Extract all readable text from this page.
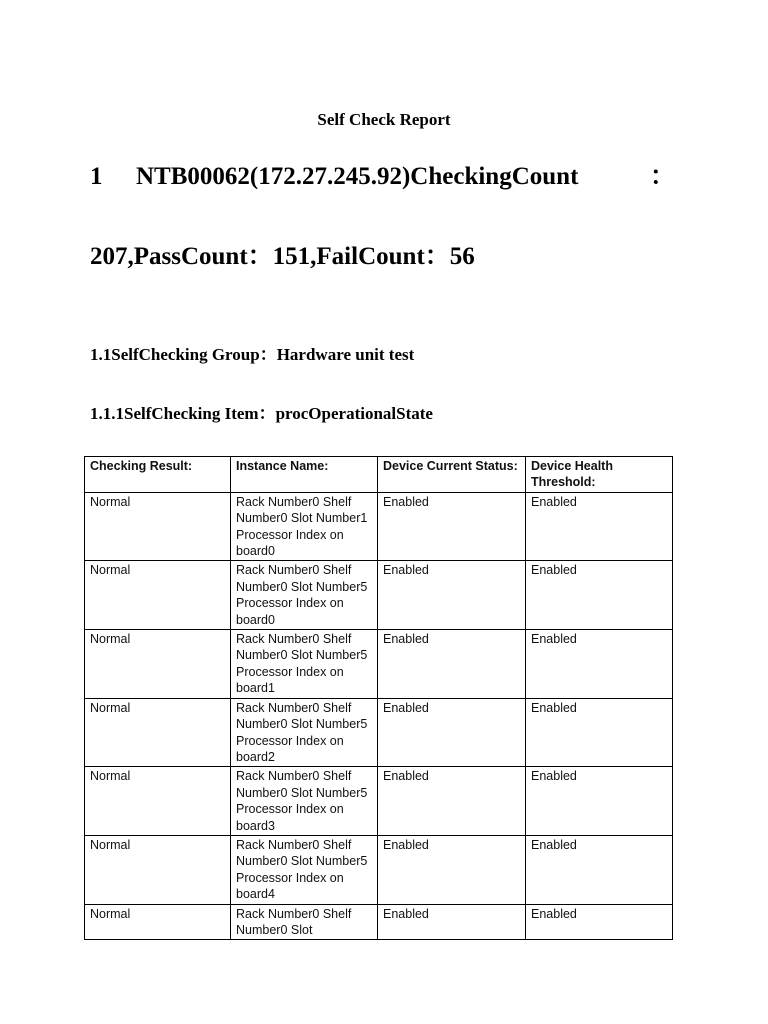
Self Check Report
1	NTB00062(172.27.245.92)CheckingCount	：
207,PassCount：151,FailCount：56
1.1SelfChecking Group：Hardware unit test
1.1.1SelfChecking Item：procOperationalState
Checking Result:	Instance Name:	Device Current Status:	Device Health Threshold:
Normal	Rack Number0 Shelf Number0 Slot Number1 Processor Index on board0	Enabled	Enabled
Normal	Rack Number0 Shelf Number0 Slot Number5 Processor Index on board0	Enabled	Enabled
Normal	Rack Number0 Shelf Number0 Slot Number5 Processor Index on board1	Enabled	Enabled
Normal	Rack Number0 Shelf Number0 Slot Number5 Processor Index on board2	Enabled	Enabled
Normal	Rack Number0 Shelf Number0 Slot Number5 Processor Index on board3	Enabled	Enabled
Normal	Rack Number0 Shelf Number0 Slot Number5 Processor Index on board4	Enabled	Enabled
Normal	Rack Number0 Shelf Number0 Slot	Enabled	Enabled
